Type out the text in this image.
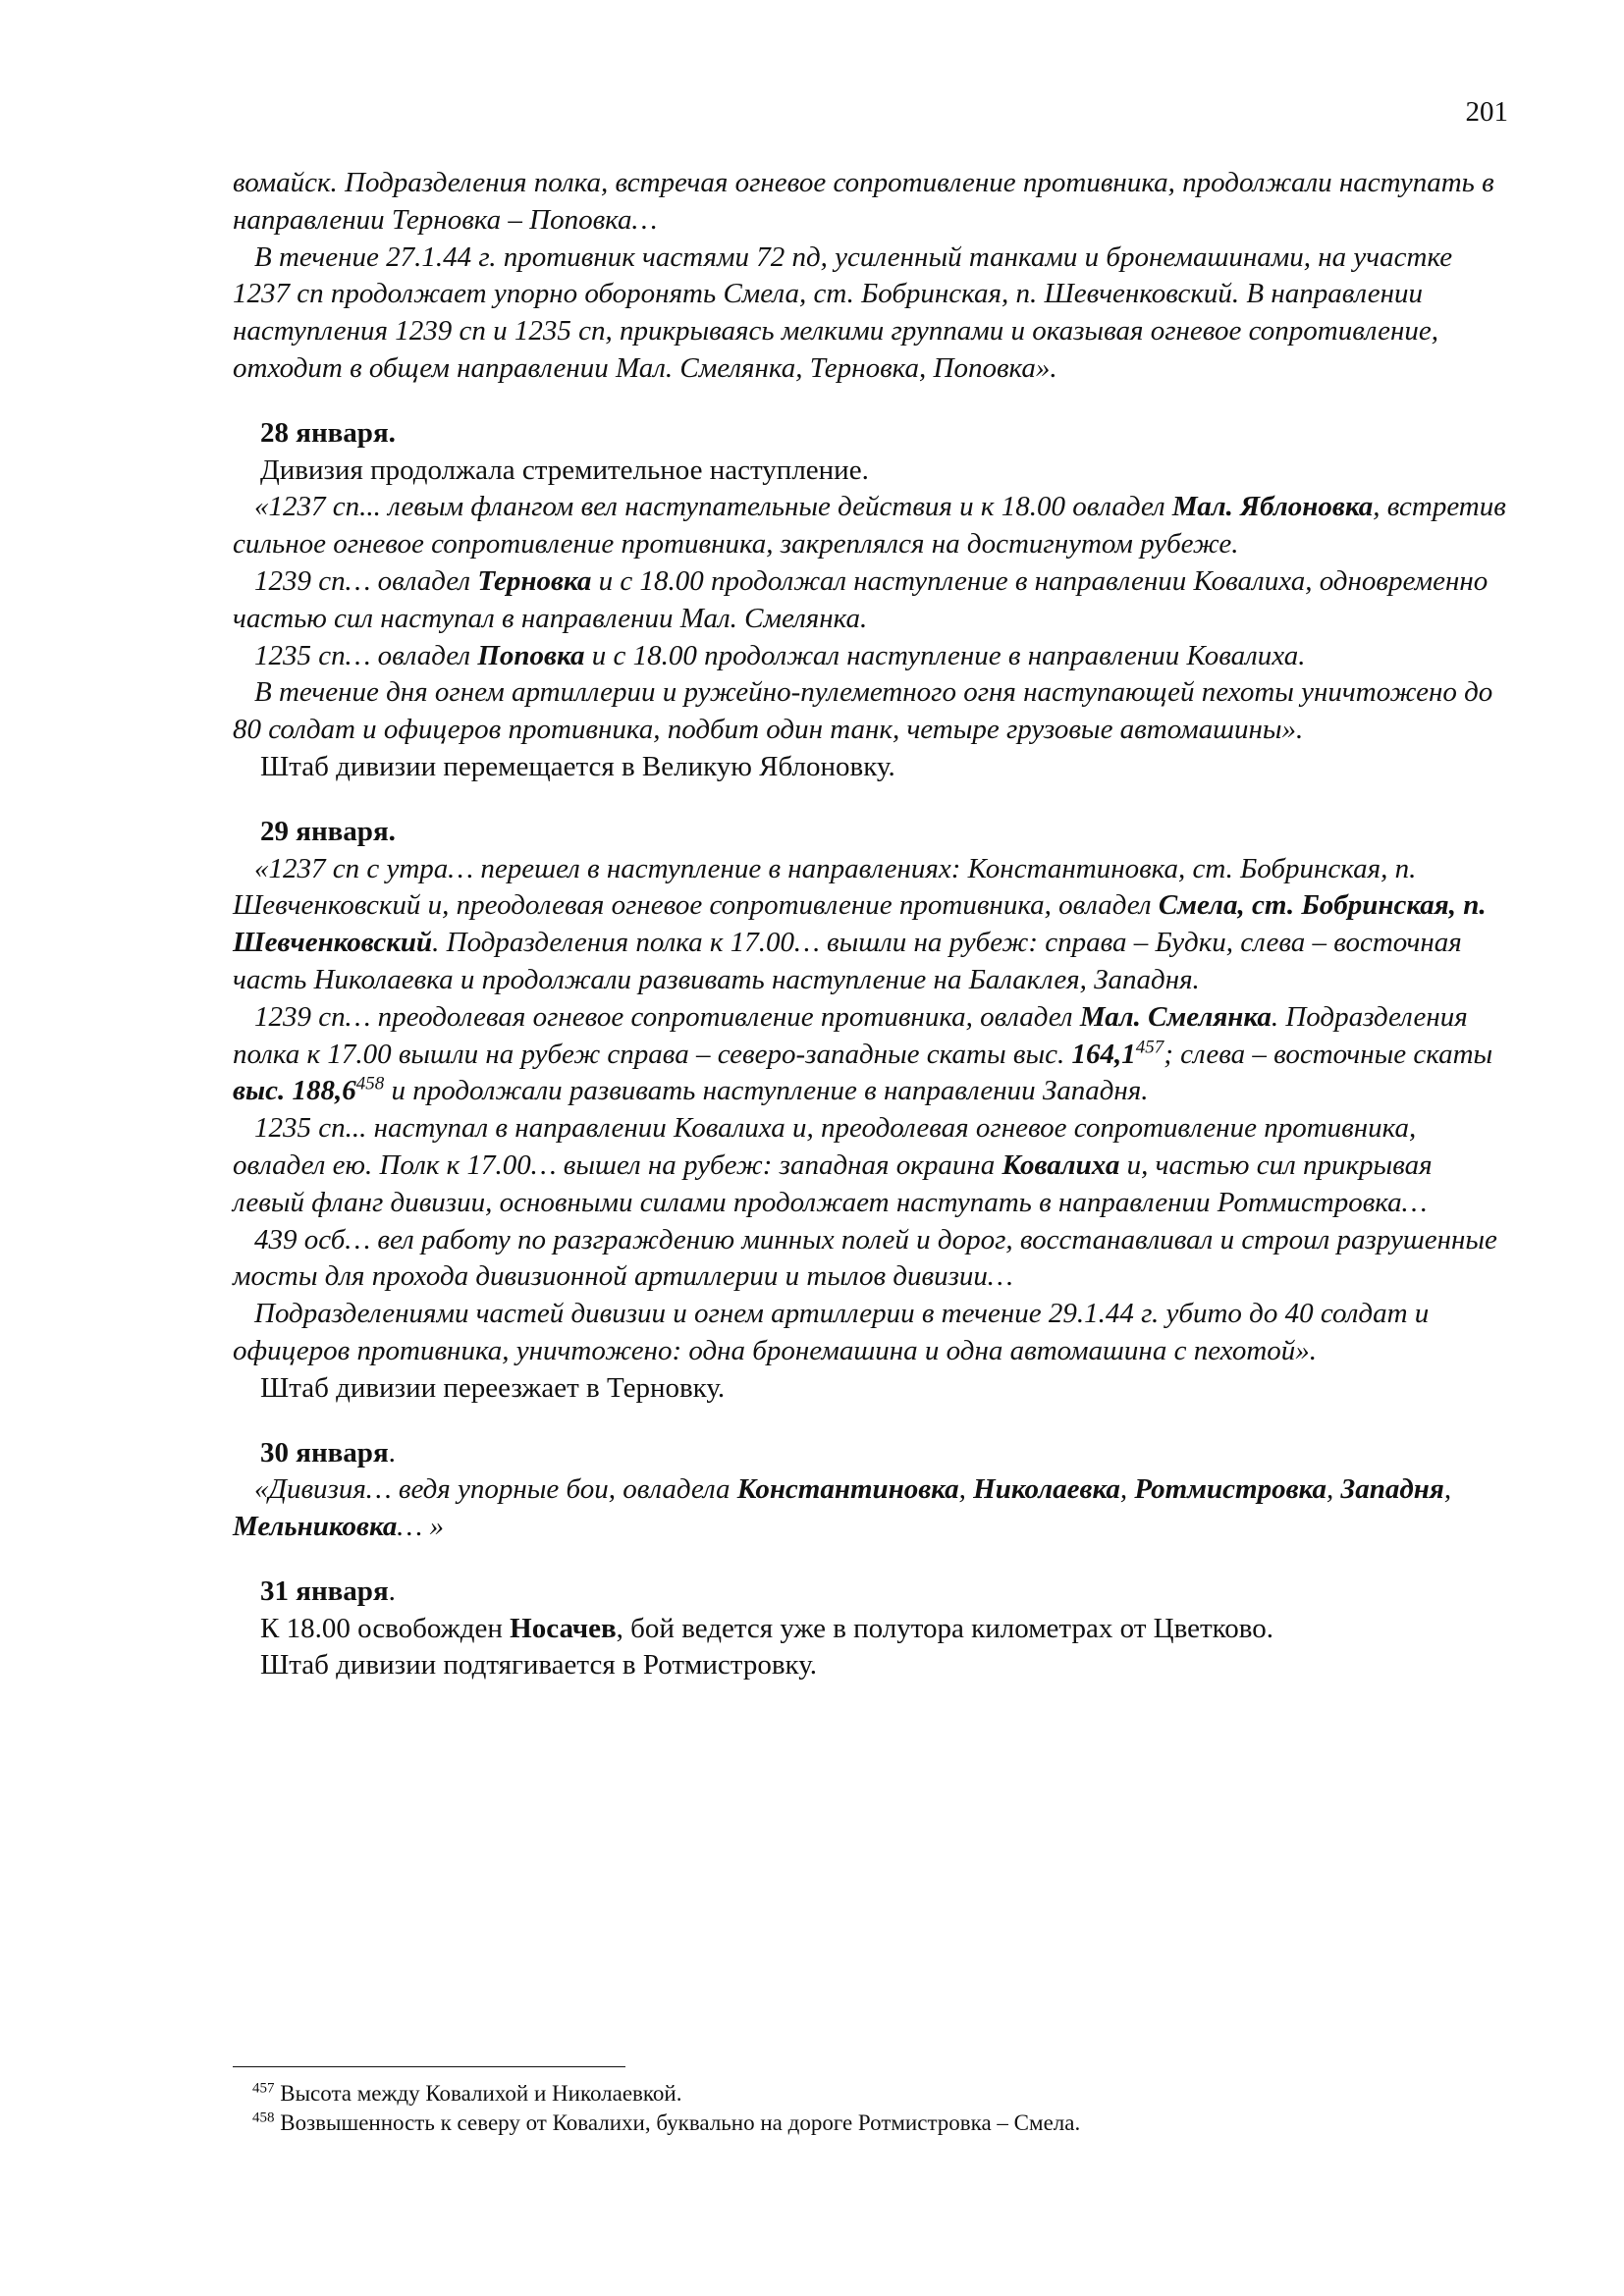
201

вомайск. Подразделения полка, встречая огневое сопротивление противника, продолжали наступать в направлении Терновка – Поповка…

В течение 27.1.44 г. противник частями 72 пд, усиленный танками и бронемашинами, на участке 1237 сп продолжает упорно оборонять Смела, ст. Бобринская, п. Шевченковский. В направлении наступления 1239 сп и 1235 сп, прикрываясь мелкими группами и оказывая огневое сопротивление, отходит в общем направлении Мал. Смелянка, Терновка, Поповка».

28 января.

Дивизия продолжала стремительное наступление.

«1237 сп... левым флангом вел наступательные действия и к 18.00 овладел Мал. Яблоновка, встретив сильное огневое сопротивление противника, закреплялся на достигнутом рубеже.

1239 сп… овладел Терновка и с 18.00 продолжал наступление в направлении Ковалиха, одновременно частью сил наступал в направлении Мал. Смелянка.

1235 сп… овладел Поповка и с 18.00 продолжал наступление в направлении Ковалиха.

В течение дня огнем артиллерии и ружейно-пулеметного огня наступающей пехоты уничтожено до 80 солдат и офицеров противника, подбит один танк, четыре грузовые автомашины».

Штаб дивизии перемещается в Великую Яблоновку.

29 января.

«1237 сп с утра… перешел в наступление в направлениях: Константиновка, ст. Бобринская, п. Шевченковский и, преодолевая огневое сопротивление противника, овладел Смела, ст. Бобринская, п. Шевченковский. Подразделения полка к 17.00… вышли на рубеж: справа – Будки, слева – восточная часть Николаевка и продолжали развивать наступление на Балаклея, Западня.

1239 сп… преодолевая огневое сопротивление противника, овладел Мал. Смелянка. Подразделения полка к 17.00 вышли на рубеж справа – северо-западные скаты выс. 164,1$^{457}$; слева – восточные скаты выс. 188,6$^{458}$ и продолжали развивать наступление в направлении Западня.

1235 сп... наступал в направлении Ковалиха и, преодолевая огневое сопротивление противника, овладел ею. Полк к 17.00… вышел на рубеж: западная окраина Ковалиха и, частью сил прикрывая левый фланг дивизии, основными силами продолжает наступать в направлении Ротмистровка…

439 осб… вел работу по разграждению минных полей и дорог, восстанавливал и строил разрушенные мосты для прохода дивизионной артиллерии и тылов дивизии…

Подразделениями частей дивизии и огнем артиллерии в течение 29.1.44 г. убито до 40 солдат и офицеров противника, уничтожено: одна бронемашина и одна автомашина с пехотой».

Штаб дивизии переезжает в Терновку.

30 января.

«Дивизия… ведя упорные бои, овладела Константиновка, Николаевка, Ротмистровка, Западня, Мельниковка… »

31 января.

К 18.00 освобожден Носачев, бой ведется уже в полутора километрах от Цветково.

Штаб дивизии подтягивается в Ротмистровку.

$^{457}$ Высота между Ковалихой и Николаевкой.

$^{458}$ Возвышенность к северу от Ковалихи, буквально на дороге Ротмистровка – Смела.
